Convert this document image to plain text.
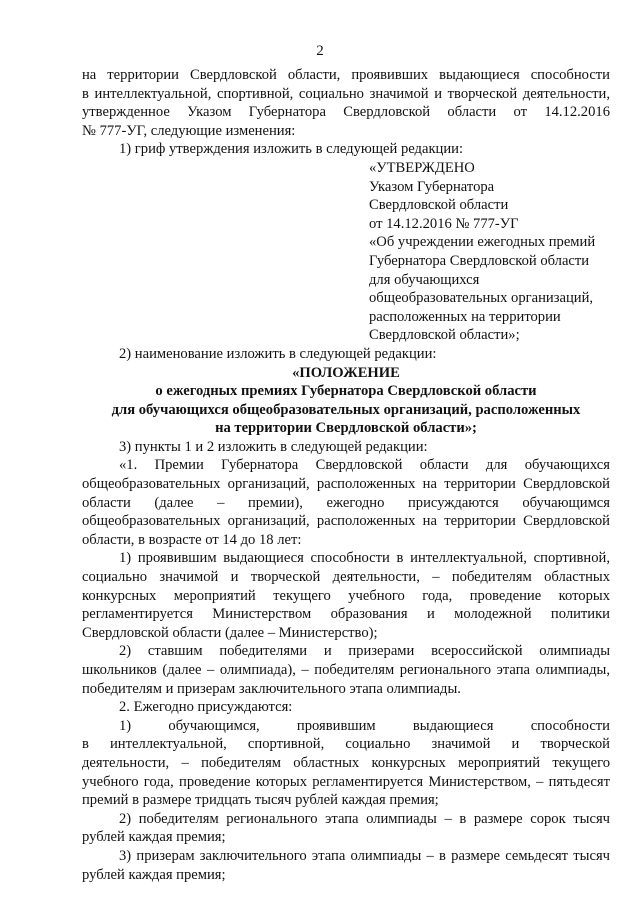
2

на территории Свердловской области, проявивших выдающиеся способности

в интеллектуальной, спортивной, социально значимой и творческой деятельности,

утвержденное Указом Губернатора Свердловской области от 14.12.2016

№ 777-УГ, следующие изменения:

1) гриф утверждения изложить в следующей редакции:

«УТВЕРЖДЕНО

Указом Губернатора

Свердловской области

от 14.12.2016 № 777-УГ

«Об учреждении ежегодных премий

Губернатора Свердловской области

для обучающихся

общеобразовательных организаций,

расположенных на территории

Свердловской области»;

2) наименование изложить в следующей редакции:

«ПОЛОЖЕНИЕ

о ежегодных премиях Губернатора Свердловской области

для обучающихся общеобразовательных организаций, расположенных

на территории Свердловской области»;

3) пункты 1 и 2 изложить в следующей редакции:

«1. Премии Губернатора Свердловской области для обучающихся

общеобразовательных организаций, расположенных на территории Свердловской

области (далее – премии), ежегодно присуждаются обучающимся

общеобразовательных организаций, расположенных на территории Свердловской

области, в возрасте от 14 до 18 лет:

1) проявившим выдающиеся способности в интеллектуальной, спортивной,

социально значимой и творческой деятельности, – победителям областных

конкурсных мероприятий текущего учебного года, проведение которых

регламентируется Министерством образования и молодежной политики

Свердловской области (далее – Министерство);

2) ставшим победителями и призерами всероссийской олимпиады

школьников (далее – олимпиада), – победителям регионального этапа олимпиады,

победителям и призерам заключительного этапа олимпиады.

2. Ежегодно присуждаются:

1) обучающимся, проявившим выдающиеся способности

в интеллектуальной, спортивной, социально значимой и творческой

деятельности, – победителям областных конкурсных мероприятий текущего

учебного года, проведение которых регламентируется Министерством, – пятьдесят

премий в размере тридцать тысяч рублей каждая премия;

2) победителям регионального этапа олимпиады – в размере сорок тысяч

рублей каждая премия;

3) призерам заключительного этапа олимпиады – в размере семьдесят тысяч

рублей каждая премия;
